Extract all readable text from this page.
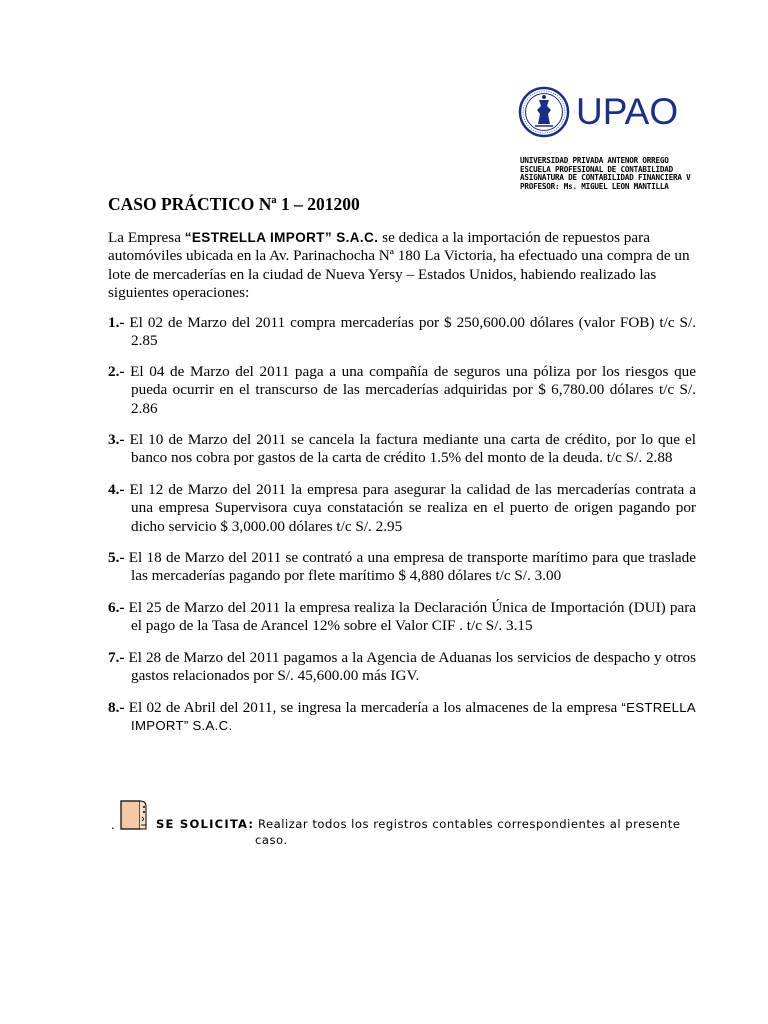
UPAO
UNIVERSIDAD PRIVADA ANTENOR ORREGO
ESCUELA PROFESIONAL DE CONTABILIDAD
ASIGNATURA DE CONTABILIDAD FINANCIERA V
PROFESOR: Ms. MIGUEL LEON MANTILLA
CASO PRÁCTICO Nª 1 – 201200
La Empresa “ESTRELLA IMPORT” S.A.C. se dedica a la importación de repuestos para automóviles ubicada en la Av. Parinachocha Nª 180 La Victoria, ha efectuado una compra de un lote de mercaderías en la ciudad de Nueva Yersy – Estados Unidos, habiendo realizado las siguientes operaciones:
1.- El 02 de Marzo del 2011 compra mercaderías por $ 250,600.00 dólares (valor FOB) t/c S/. 2.85
2.- El 04 de Marzo del 2011 paga a una compañía de seguros una póliza por los riesgos que pueda ocurrir en el transcurso de las mercaderías adquiridas por $ 6,780.00 dólares t/c S/. 2.86
3.- El 10 de Marzo del 2011 se cancela la factura mediante una carta de crédito, por lo que el banco nos cobra por gastos de la carta de crédito 1.5% del monto de la deuda. t/c S/. 2.88
4.- El 12 de Marzo del 2011 la empresa para asegurar la calidad de las mercaderías contrata a una empresa Supervisora cuya constatación se realiza en el puerto de origen pagando por dicho servicio $ 3,000.00 dólares t/c S/. 2.95
5.- El 18 de Marzo del 2011 se contrató a una empresa de transporte marítimo para que traslade las mercaderías pagando por flete marítimo $ 4,880 dólares t/c S/. 3.00
6.- El 25 de Marzo del 2011 la empresa realiza la Declaración Única de Importación (DUI) para el pago de la Tasa de Arancel 12% sobre el Valor CIF . t/c S/. 3.15
7.- El 28 de Marzo del 2011 pagamos a la Agencia de Aduanas los servicios de despacho y otros gastos relacionados por S/. 45,600.00 más IGV.
8.- El 02 de Abril del 2011, se ingresa la mercadería a los almacenes de la empresa “ESTRELLA IMPORT” S.A.C.
.	SE SOLICITA: Realizar todos los registros contables correspondientes al presente
caso.
